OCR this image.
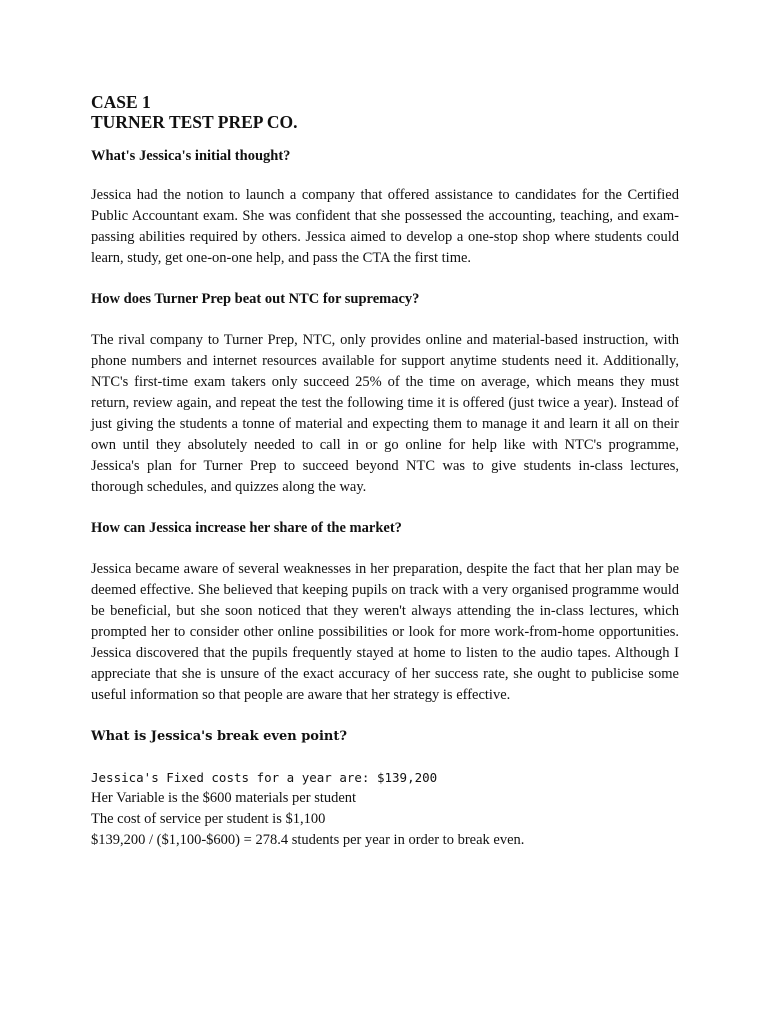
CASE 1

TURNER TEST PREP CO.

What's Jessica's initial thought?

Jessica had the notion to launch a company that offered assistance to candidates for the Certified Public Accountant exam. She was confident that she possessed the accounting, teaching, and exam-passing abilities required by others. Jessica aimed to develop a one-stop shop where students could learn, study, get one-on-one help, and pass the CTA the first time.

How does Turner Prep beat out NTC for supremacy?

The rival company to Turner Prep, NTC, only provides online and material-based instruction, with phone numbers and internet resources available for support anytime students need it. Additionally, NTC's first-time exam takers only succeed 25% of the time on average, which means they must return, review again, and repeat the test the following time it is offered (just twice a year). Instead of just giving the students a tonne of material and expecting them to manage it and learn it all on their own until they absolutely needed to call in or go online for help like with NTC's programme, Jessica's plan for Turner Prep to succeed beyond NTC was to give students in-class lectures, thorough schedules, and quizzes along the way.

How can Jessica increase her share of the market?

Jessica became aware of several weaknesses in her preparation, despite the fact that her plan may be deemed effective. She believed that keeping pupils on track with a very organised programme would be beneficial, but she soon noticed that they weren't always attending the in-class lectures, which prompted her to consider other online possibilities or look for more work-from-home opportunities. Jessica discovered that the pupils frequently stayed at home to listen to the audio tapes. Although I appreciate that she is unsure of the exact accuracy of her success rate, she ought to publicise some useful information so that people are aware that her strategy is effective.

What is Jessica's break even point?

Jessica's Fixed costs for a year are: $139,200

Her Variable is the $600 materials per student

The cost of service per student is $1,100

$139,200 / ($1,100-$600) = 278.4 students per year in order to break even.
